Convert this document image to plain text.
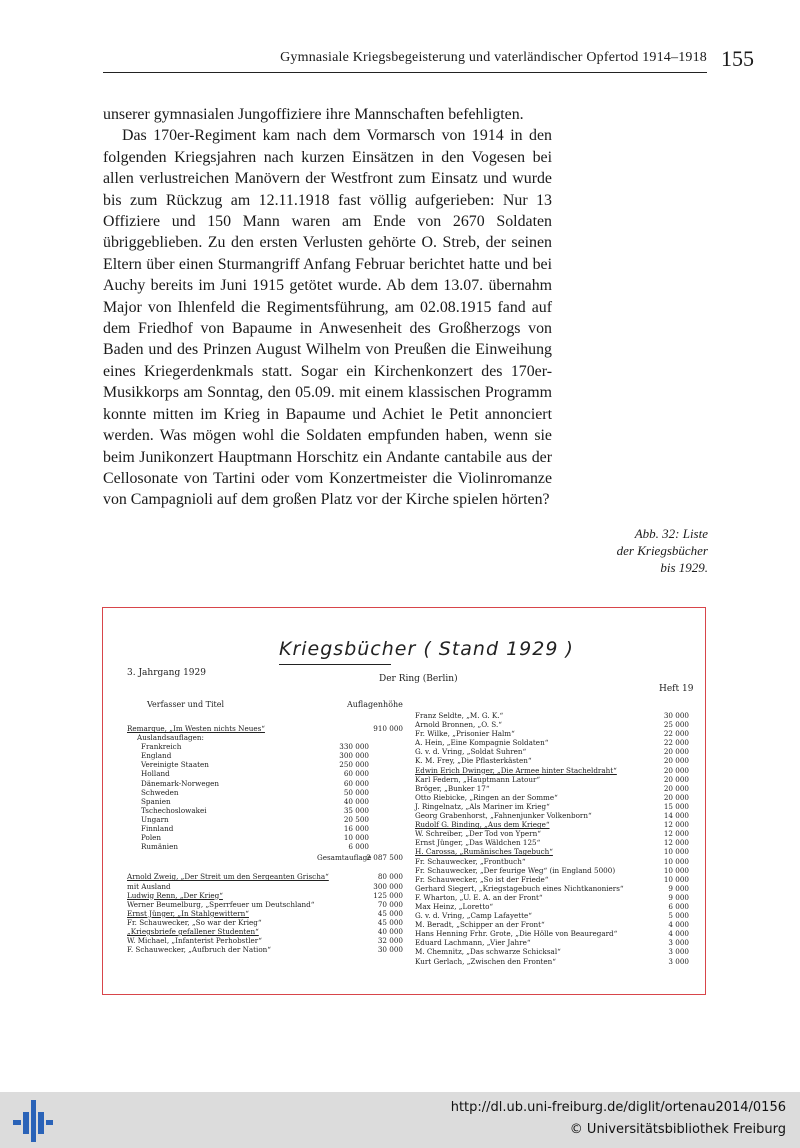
Gymnasiale Kriegsbegeisterung und vaterländischer Opfertod 1914–1918 155

unserer gymnasialen Jungoffiziere ihre Mannschaften befehligten.

Das 170er-Regiment kam nach dem Vormarsch von 1914 in den folgenden Kriegsjahren nach kurzen Einsätzen in den Vogesen bei allen verlustreichen Manövern der Westfront zum Einsatz und wurde bis zum Rückzug am 12.11.1918 fast völlig aufgerieben: Nur 13 Offiziere und 150 Mann waren am Ende von 2670 Soldaten übriggeblieben. Zu den ersten Verlusten gehörte O. Streb, der seinen Eltern über einen Sturmangriff Anfang Februar berichtet hatte und bei Auchy bereits im Juni 1915 getötet wurde. Ab dem 13.07. übernahm Major von Ihlenfeld die Regimentsführung, am 02.08.1915 fand auf dem Friedhof von Bapaume in Anwesenheit des Großherzogs von Baden und des Prinzen August Wilhelm von Preußen die Einweihung eines Kriegerdenkmals statt. Sogar ein Kirchenkonzert des 170er-Musikkorps am Sonntag, den 05.09. mit einem klassischen Programm konnte mitten im Krieg in Bapaume und Achiet le Petit annonciert werden. Was mögen wohl die Soldaten empfunden haben, wenn sie beim Junikonzert Hauptmann Horschitz ein Andante cantabile aus der Cellosonate von Tartini oder vom Konzertmeister die Violinromanze von Campagnioli auf dem großen Platz vor der Kirche spielen hörten?

Abb. 32: Liste
der Kriegsbücher
bis 1929.
Kriegsbücher ( Stand 1929 )
3. Jahrgang 1929
Der Ring (Berlin)
Heft 19
Verfasser und Titel	Auflagenhöhe
Remarque, „Im Westen nichts Neues“	910 000
Auslandsauflagen:
Frankreich	330 000
England	300 000
Vereinigte Staaten	250 000
Holland	60 000
Dänemark-Norwegen	60 000
Schweden	50 000
Spanien	40 000
Tschechoslowakei	35 000
Ungarn	20 500
Finnland	16 000
Polen	10 000
Rumänien	6 000
Gesamtauflage
2 087 500
Arnold Zweig, „Der Streit um den Sergeanten Grischa“	80 000
mit Ausland	300 000
Ludwig Renn, „Der Krieg“	125 000
Werner Beumelburg, „Sperrfeuer um Deutschland“	70 000
Ernst Jünger, „In Stahlgewittern“	45 000
Fr. Schauwecker, „So war der Krieg“	45 000
„Kriegsbriefe gefallener Studenten“	40 000
W. Michael, „Infanterist Perhobstler“	32 000
F. Schauwecker, „Aufbruch der Nation“	30 000
Franz Seldte, „M. G. K.“	30 000
Arnold Bronnen, „O. S.“	25 000
Fr. Wilke, „Prisonier Halm“	22 000
A. Hein, „Eine Kompagnie Soldaten“	22 000
G. v. d. Vring, „Soldat Suhren“	20 000
K. M. Frey, „Die Pflasterkästen“	20 000
Edwin Erich Dwinger, „Die Armee hinter Stacheldraht“	20 000
Karl Federn, „Hauptmann Latour“	20 000
Bröger, „Bunker 17“	20 000
Otto Riebicke, „Ringen an der Somme“	20 000
J. Ringelnatz, „Als Mariner im Krieg“	15 000
Georg Grabenhorst, „Fahnenjunker Volkenborn“	14 000
Rudolf G. Binding, „Aus dem Kriege“	12 000
W. Schreiber, „Der Tod von Ypern“	12 000
Ernst Jünger, „Das Wäldchen 125“	12 000
H. Carossa, „Rumänisches Tagebuch“	10 000
Fr. Schauwecker, „Frontbuch“	10 000
Fr. Schauwecker, „Der feurige Weg“ (in England 5000)	10 000
Fr. Schauwecker, „So ist der Friede“	10 000
Gerhard Siegert, „Kriegstagebuch eines Nichtkanoniers“	9 000
F. Wharton, „U. E. A. an der Front“	9 000
Max Heinz, „Loretto“	6 000
G. v. d. Vring, „Camp Lafayette“	5 000
M. Beradt, „Schipper an der Front“	4 000
Hans Henning Frhr. Grote, „Die Hölle von Beauregard“	4 000
Eduard Lachmann, „Vier Jahre“	3 000
M. Chemnitz, „Das schwarze Schicksal“	3 000
Kurt Gerlach, „Zwischen den Fronten“	3 000
http://dl.ub.uni-freiburg.de/diglit/ortenau2014/0156
© Universitätsbibliothek Freiburg
